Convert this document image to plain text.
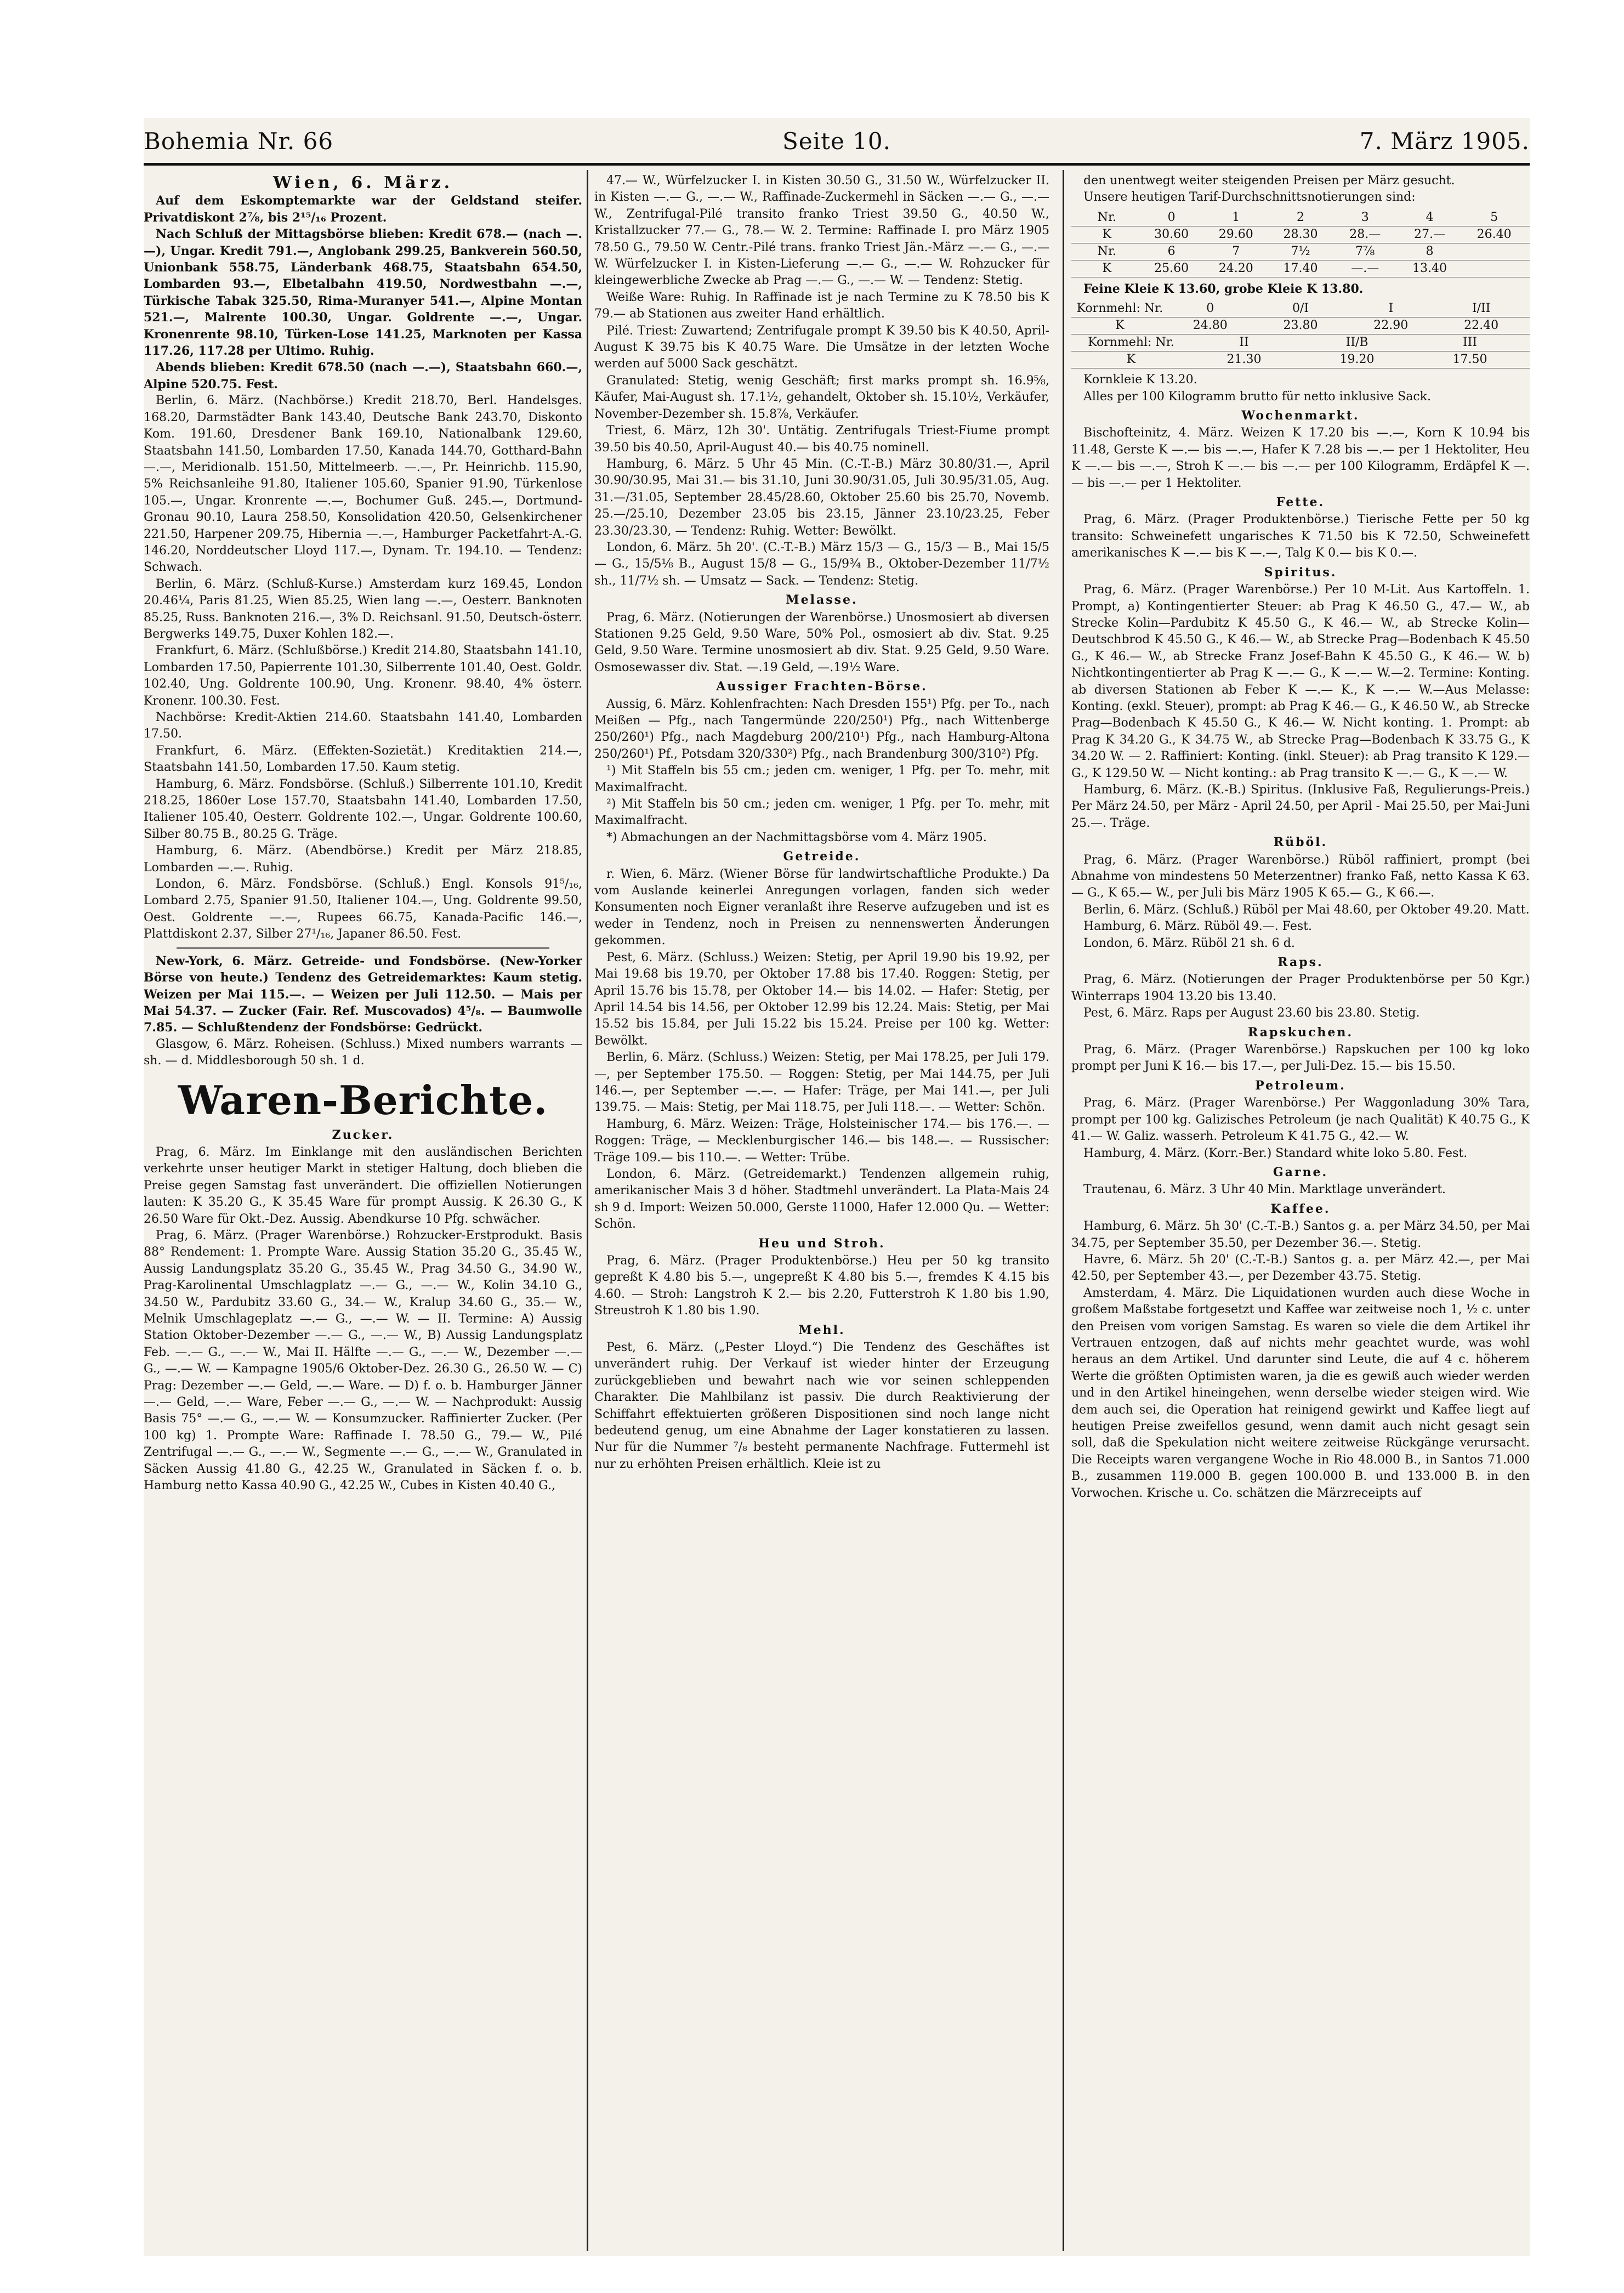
Bohemia Nr. 66	Seite 10.	7. März 1905.

Wien, 6. März.

Auf dem Eskomptemarkte war der Geldstand steifer. Privatdiskont 2⅞, bis 2¹⁵/₁₆ Prozent.

Nach Schluß der Mittagsbörse blieben: Kredit 678.— (nach —.—), Ungar. Kredit 791.—, Anglobank 299.25, Bankverein 560.50, Unionbank 558.75, Länderbank 468.75, Staatsbahn 654.50, Lombarden 93.—, Elbetalbahn 419.50, Nordwestbahn —.—, Türkische Tabak 325.50, Rima-Muranyer 541.—, Alpine Montan 521.—, Malrente 100.30, Ungar. Goldrente —.—, Ungar. Kronenrente 98.10, Türken-Lose 141.25, Marknoten per Kassa 117.26, 117.28 per Ultimo. Ruhig.

Abends blieben: Kredit 678.50 (nach —.—), Staatsbahn 660.—, Alpine 520.75. Fest.

Berlin, 6. März. (Nachbörse.) Kredit 218.70, Berl. Handelsges. 168.20, Darmstädter Bank 143.40, Deutsche Bank 243.70, Diskonto Kom. 191.60, Dresdener Bank 169.10, Nationalbank 129.60, Staatsbahn 141.50, Lombarden 17.50, Kanada 144.70, Gotthard-Bahn —.—, Meridionalb. 151.50, Mittelmeerb. —.—, Pr. Heinrichb. 115.90, 5% Reichsanleihe 91.80, Italiener 105.60, Spanier 91.90, Türkenlose 105.—, Ungar. Kronrente —.—, Bochumer Guß. 245.—, Dortmund-Gronau 90.10, Laura 258.50, Konsolidation 420.50, Gelsenkirchener 221.50, Harpener 209.75, Hibernia —.—, Hamburger Packetfahrt-A.-G. 146.20, Norddeutscher Lloyd 117.—, Dynam. Tr. 194.10. — Tendenz: Schwach.

Berlin, 6. März. (Schluß-Kurse.) Amsterdam kurz 169.45, London 20.46¼, Paris 81.25, Wien 85.25, Wien lang —.—, Oesterr. Banknoten 85.25, Russ. Banknoten 216.—, 3% D. Reichsanl. 91.50, Deutsch-österr. Bergwerks 149.75, Duxer Kohlen 182.—.

Frankfurt, 6. März. (Schlußbörse.) Kredit 214.80, Staatsbahn 141.10, Lombarden 17.50, Papierrente 101.30, Silberrente 101.40, Oest. Goldr. 102.40, Ung. Goldrente 100.90, Ung. Kronenr. 98.40, 4% österr. Kronenr. 100.30. Fest.

Nachbörse: Kredit-Aktien 214.60. Staatsbahn 141.40, Lombarden 17.50.

Frankfurt, 6. März. (Effekten-Sozietät.) Kreditaktien 214.—, Staatsbahn 141.50, Lombarden 17.50. Kaum stetig.

Hamburg, 6. März. Fondsbörse. (Schluß.) Silberrente 101.10, Kredit 218.25, 1860er Lose 157.70, Staatsbahn 141.40, Lombarden 17.50, Italiener 105.40, Oesterr. Goldrente 102.—, Ungar. Goldrente 100.60, Silber 80.75 B., 80.25 G. Träge.

Hamburg, 6. März. (Abendbörse.) Kredit per März 218.85, Lombarden —.—. Ruhig.

London, 6. März. Fondsbörse. (Schluß.) Engl. Konsols 91⁵/₁₆, Lombard 2.75, Spanier 91.50, Italiener 104.—, Ung. Goldrente 99.50, Oest. Goldrente —.—, Rupees 66.75, Kanada-Pacific 146.—, Plattdiskont 2.37, Silber 27¹/₁₆, Japaner 86.50. Fest.

New-York, 6. März. Getreide- und Fondsbörse. (New-Yorker Börse von heute.) Tendenz des Getreidemarktes: Kaum stetig. Weizen per Mai 115.—. — Weizen per Juli 112.50. — Mais per Mai 54.37. — Zucker (Fair. Ref. Muscovados) 4⁵/₈. — Baumwolle 7.85. — Schlußtendenz der Fondsbörse: Gedrückt.

Glasgow, 6. März. Roheisen. (Schluss.) Mixed numbers warrants —sh. — d. Middlesborough 50 sh. 1 d.

Waren-Berichte.

Zucker.

Prag, 6. März. Im Einklange mit den ausländischen Berichten verkehrte unser heutiger Markt in stetiger Haltung, doch blieben die Preise gegen Samstag fast unverändert. Die offiziellen Notierungen lauten: K 35.20 G., K 35.45 Ware für prompt Aussig. K 26.30 G., K 26.50 Ware für Okt.-Dez. Aussig. Abendkurse 10 Pfg. schwächer.

Prag, 6. März. (Prager Warenbörse.) Rohzucker-Erstprodukt. Basis 88° Rendement: 1. Prompte Ware. Aussig Station 35.20 G., 35.45 W., Aussig Landungsplatz 35.20 G., 35.45 W., Prag 34.50 G., 34.90 W., Prag-Karolinental Umschlagplatz —.— G., —.— W., Kolin 34.10 G., 34.50 W., Pardubitz 33.60 G., 34.— W., Kralup 34.60 G., 35.— W., Melnik Umschlageplatz —.— G., —.— W. — II. Termine: A) Aussig Station Oktober-Dezember —.— G., —.— W., B) Aussig Landungsplatz Feb. —.— G., —.— W., Mai II. Hälfte —.— G., —.— W., Dezember —.— G., —.— W. — Kampagne 1905/6 Oktober-Dez. 26.30 G., 26.50 W. — C) Prag: Dezember —.— Geld, —.— Ware. — D) f. o. b. Hamburger Jänner —.— Geld, —.— Ware, Feber —.— G., —.— W. — Nachprodukt: Aussig Basis 75° —.— G., —.— W. — Konsumzucker. Raffinierter Zucker. (Per 100 kg) 1. Prompte Ware: Raffinade I. 78.50 G., 79.— W., Pilé Zentrifugal —.— G., —.— W., Segmente —.— G., —.— W., Granulated in Säcken Aussig 41.80 G., 42.25 W., Granulated in Säcken f. o. b. Hamburg netto Kassa 40.90 G., 42.25 W., Cubes in Kisten 40.40 G.,

47.— W., Würfelzucker I. in Kisten 30.50 G., 31.50 W., Würfelzucker II. in Kisten —.— G., —.— W., Raffinade-Zuckermehl in Säcken —.— G., —.— W., Zentrifugal-Pilé transito franko Triest 39.50 G., 40.50 W., Kristallzucker 77.— G., 78.— W. 2. Termine: Raffinade I. pro März 1905 78.50 G., 79.50 W. Centr.-Pilé trans. franko Triest Jän.-März —.— G., —.— W. Würfelzucker I. in Kisten-Lieferung —.— G., —.— W. Rohzucker für kleingewerbliche Zwecke ab Prag —.— G., —.— W. — Tendenz: Stetig.

Weiße Ware: Ruhig. In Raffinade ist je nach Termine zu K 78.50 bis K 79.— ab Stationen aus zweiter Hand erhältlich.

Pilé. Triest: Zuwartend; Zentrifugale prompt K 39.50 bis K 40.50, April-August K 39.75 bis K 40.75 Ware. Die Umsätze in der letzten Woche werden auf 5000 Sack geschätzt.

Granulated: Stetig, wenig Geschäft; first marks prompt sh. 16.9⅝, Käufer, Mai-August sh. 17.1½, gehandelt, Oktober sh. 15.10½, Verkäufer, November-Dezember sh. 15.8⅞, Verkäufer.

Triest, 6. März, 12h 30'. Untätig. Zentrifugals Triest-Fiume prompt 39.50 bis 40.50, April-August 40.— bis 40.75 nominell.

Hamburg, 6. März. 5 Uhr 45 Min. (C.-T.-B.) März 30.80/31.—, April 30.90/30.95, Mai 31.— bis 31.10, Juni 30.90/31.05, Juli 30.95/31.05, Aug. 31.—/31.05, September 28.45/28.60, Oktober 25.60 bis 25.70, Novemb. 25.—/25.10, Dezember 23.05 bis 23.15, Jänner 23.10/23.25, Feber 23.30/23.30, — Tendenz: Ruhig. Wetter: Bewölkt.

London, 6. März. 5h 20'. (C.-T.-B.) März 15/3 — G., 15/3 — B., Mai 15/5 — G., 15/5⅛ B., August 15/8 — G., 15/9¾ B., Oktober-Dezember 11/7½ sh., 11/7½ sh. — Umsatz — Sack. — Tendenz: Stetig.

Melasse.

Prag, 6. März. (Notierungen der Warenbörse.) Unosmosiert ab diversen Stationen 9.25 Geld, 9.50 Ware, 50% Pol., osmosiert ab div. Stat. 9.25 Geld, 9.50 Ware. Termine unosmosiert ab div. Stat. 9.25 Geld, 9.50 Ware. Osmosewasser div. Stat. —.19 Geld, —.19½ Ware.

Aussiger Frachten-Börse.

Aussig, 6. März. Kohlenfrachten: Nach Dresden 155¹) Pfg. per To., nach Meißen — Pfg., nach Tangermünde 220/250¹) Pfg., nach Wittenberge 250/260¹) Pfg., nach Magdeburg 200/210¹) Pfg., nach Hamburg-Altona 250/260¹) Pf., Potsdam 320/330²) Pfg., nach Brandenburg 300/310²) Pfg.

¹) Mit Staffeln bis 55 cm.; jeden cm. weniger, 1 Pfg. per To. mehr, mit Maximalfracht.

²) Mit Staffeln bis 50 cm.; jeden cm. weniger, 1 Pfg. per To. mehr, mit Maximalfracht.

*) Abmachungen an der Nachmittagsbörse vom 4. März 1905.

Getreide.

r. Wien, 6. März. (Wiener Börse für landwirtschaftliche Produkte.) Da vom Auslande keinerlei Anregungen vorlagen, fanden sich weder Konsumenten noch Eigner veranlaßt ihre Reserve aufzugeben und ist es weder in Tendenz, noch in Preisen zu nennenswerten Änderungen gekommen.

Pest, 6. März. (Schluss.) Weizen: Stetig, per April 19.90 bis 19.92, per Mai 19.68 bis 19.70, per Oktober 17.88 bis 17.40. Roggen: Stetig, per April 15.76 bis 15.78, per Oktober 14.— bis 14.02. — Hafer: Stetig, per April 14.54 bis 14.56, per Oktober 12.99 bis 12.24. Mais: Stetig, per Mai 15.52 bis 15.84, per Juli 15.22 bis 15.24. Preise per 100 kg. Wetter: Bewölkt.

Berlin, 6. März. (Schluss.) Weizen: Stetig, per Mai 178.25, per Juli 179.—, per September 175.50. — Roggen: Stetig, per Mai 144.75, per Juli 146.—, per September —.—. — Hafer: Träge, per Mai 141.—, per Juli 139.75. — Mais: Stetig, per Mai 118.75, per Juli 118.—. — Wetter: Schön.

Hamburg, 6. März. Weizen: Träge, Holsteinischer 174.— bis 176.—. — Roggen: Träge, — Mecklenburgischer 146.— bis 148.—. — Russischer: Träge 109.— bis 110.—. — Wetter: Trübe.

London, 6. März. (Getreidemarkt.) Tendenzen allgemein ruhig, amerikanischer Mais 3 d höher. Stadtmehl unverändert. La Plata-Mais 24 sh 9 d. Import: Weizen 50.000, Gerste 11000, Hafer 12.000 Qu. — Wetter: Schön.

Heu und Stroh.

Prag, 6. März. (Prager Produktenbörse.) Heu per 50 kg transito gepreßt K 4.80 bis 5.—, ungepreßt K 4.80 bis 5.—, fremdes K 4.15 bis 4.60. — Stroh: Langstroh K 2.— bis 2.20, Futterstroh K 1.80 bis 1.90, Streustroh K 1.80 bis 1.90.

Mehl.

Pest, 6. März. („Pester Lloyd.“) Die Tendenz des Geschäftes ist unverändert ruhig. Der Verkauf ist wieder hinter der Erzeugung zurückgeblieben und bewahrt nach wie vor seinen schleppenden Charakter. Die Mahlbilanz ist passiv. Die durch Reaktivierung der Schiffahrt effektuierten größeren Dispositionen sind noch lange nicht bedeutend genug, um eine Abnahme der Lager konstatieren zu lassen. Nur für die Nummer ⁷/₈ besteht permanente Nachfrage. Futtermehl ist nur zu erhöhten Preisen erhältlich. Kleie ist zu

den unentwegt weiter steigenden Preisen per März gesucht.

Unsere heutigen Tarif-Durchschnittsnotierungen sind:

Nr.	0	1	2	3	4	5
K	30.60	29.60	28.30	28.—	27.—	26.40
Nr.	6	7	7½	7⅞	8
K	25.60	24.20	17.40	—.—	13.40

Feine Kleie K 13.60, grobe Kleie K 13.80.

Kornmehl: Nr.	0	0/I	I	I/II
K	24.80	23.80	22.90	22.40
Kornmehl: Nr.	II	II/B	III
K	21.30	19.20	17.50

Kornkleie K 13.20.

Alles per 100 Kilogramm brutto für netto inklusive Sack.

Wochenmarkt.

Bischofteinitz, 4. März. Weizen K 17.20 bis —.—, Korn K 10.94 bis 11.48, Gerste K —.— bis —.—, Hafer K 7.28 bis —.— per 1 Hektoliter, Heu K —.— bis —.—, Stroh K —.— bis —.— per 100 Kilogramm, Erdäpfel K —.— bis —.— per 1 Hektoliter.

Fette.

Prag, 6. März. (Prager Produktenbörse.) Tierische Fette per 50 kg transito: Schweinefett ungarisches K 71.50 bis K 72.50, Schweinefett amerikanisches K —.— bis K —.—, Talg K 0.— bis K 0.—.

Spiritus.

Prag, 6. März. (Prager Warenbörse.) Per 10 M-Lit. Aus Kartoffeln. 1. Prompt, a) Kontingentierter Steuer: ab Prag K 46.50 G., 47.— W., ab Strecke Kolin—Pardubitz K 45.50 G., K 46.— W., ab Strecke Kolin—Deutschbrod K 45.50 G., K 46.— W., ab Strecke Prag—Bodenbach K 45.50 G., K 46.— W., ab Strecke Franz Josef-Bahn K 45.50 G., K 46.— W. b) Nichtkontingentierter ab Prag K —.— G., K —.— W.—2. Termine: Konting. ab diversen Stationen ab Feber K —.— K., K —.— W.—Aus Melasse: Konting. (exkl. Steuer), prompt: ab Prag K 46.— G., K 46.50 W., ab Strecke Prag—Bodenbach K 45.50 G., K 46.— W. Nicht konting. 1. Prompt: ab Prag K 34.20 G., K 34.75 W., ab Strecke Prag—Bodenbach K 33.75 G., K 34.20 W. — 2. Raffiniert: Konting. (inkl. Steuer): ab Prag transito K 129.— G., K 129.50 W. — Nicht konting.: ab Prag transito K —.— G., K —.— W.

Hamburg, 6. März. (K.-B.) Spiritus. (Inklusive Faß, Regulierungs-Preis.) Per März 24.50, per März - April 24.50, per April - Mai 25.50, per Mai-Juni 25.—. Träge.

Rüböl.

Prag, 6. März. (Prager Warenbörse.) Rüböl raffiniert, prompt (bei Abnahme von mindestens 50 Meterzentner) franko Faß, netto Kassa K 63.— G., K 65.— W., per Juli bis März 1905 K 65.— G., K 66.—.

Berlin, 6. März. (Schluß.) Rüböl per Mai 48.60, per Oktober 49.20. Matt.

Hamburg, 6. März. Rüböl 49.—. Fest.

London, 6. März. Rüböl 21 sh. 6 d.

Raps.

Prag, 6. März. (Notierungen der Prager Produktenbörse per 50 Kgr.) Winterraps 1904 13.20 bis 13.40.

Pest, 6. März. Raps per August 23.60 bis 23.80. Stetig.

Rapskuchen.

Prag, 6. März. (Prager Warenbörse.) Rapskuchen per 100 kg loko prompt per Juni K 16.— bis 17.—, per Juli-Dez. 15.— bis 15.50.

Petroleum.

Prag, 6. März. (Prager Warenbörse.) Per Waggonladung 30% Tara, prompt per 100 kg. Galizisches Petroleum (je nach Qualität) K 40.75 G., K 41.— W. Galiz. wasserh. Petroleum K 41.75 G., 42.— W.

Hamburg, 4. März. (Korr.-Ber.) Standard white loko 5.80. Fest.

Garne.

Trautenau, 6. März. 3 Uhr 40 Min. Marktlage unverändert.

Kaffee.

Hamburg, 6. März. 5h 30' (C.-T.-B.) Santos g. a. per März 34.50, per Mai 34.75, per September 35.50, per Dezember 36.—. Stetig.

Havre, 6. März. 5h 20' (C.-T.-B.) Santos g. a. per März 42.—, per Mai 42.50, per September 43.—, per Dezember 43.75. Stetig.

Amsterdam, 4. März. Die Liquidationen wurden auch diese Woche in großem Maßstabe fortgesetzt und Kaffee war zeitweise noch 1, ½ c. unter den Preisen vom vorigen Samstag. Es waren so viele die dem Artikel ihr Vertrauen entzogen, daß auf nichts mehr geachtet wurde, was wohl heraus an dem Artikel. Und darunter sind Leute, die auf 4 c. höherem Werte die größten Optimisten waren, ja die es gewiß auch wieder werden und in den Artikel hineingehen, wenn derselbe wieder steigen wird. Wie dem auch sei, die Operation hat reinigend gewirkt und Kaffee liegt auf heutigen Preise zweifellos gesund, wenn damit auch nicht gesagt sein soll, daß die Spekulation nicht weitere zeitweise Rückgänge verursacht. Die Receipts waren vergangene Woche in Rio 48.000 B., in Santos 71.000 B., zusammen 119.000 B. gegen 100.000 B. und 133.000 B. in den Vorwochen. Krische u. Co. schätzen die Märzreceipts auf
